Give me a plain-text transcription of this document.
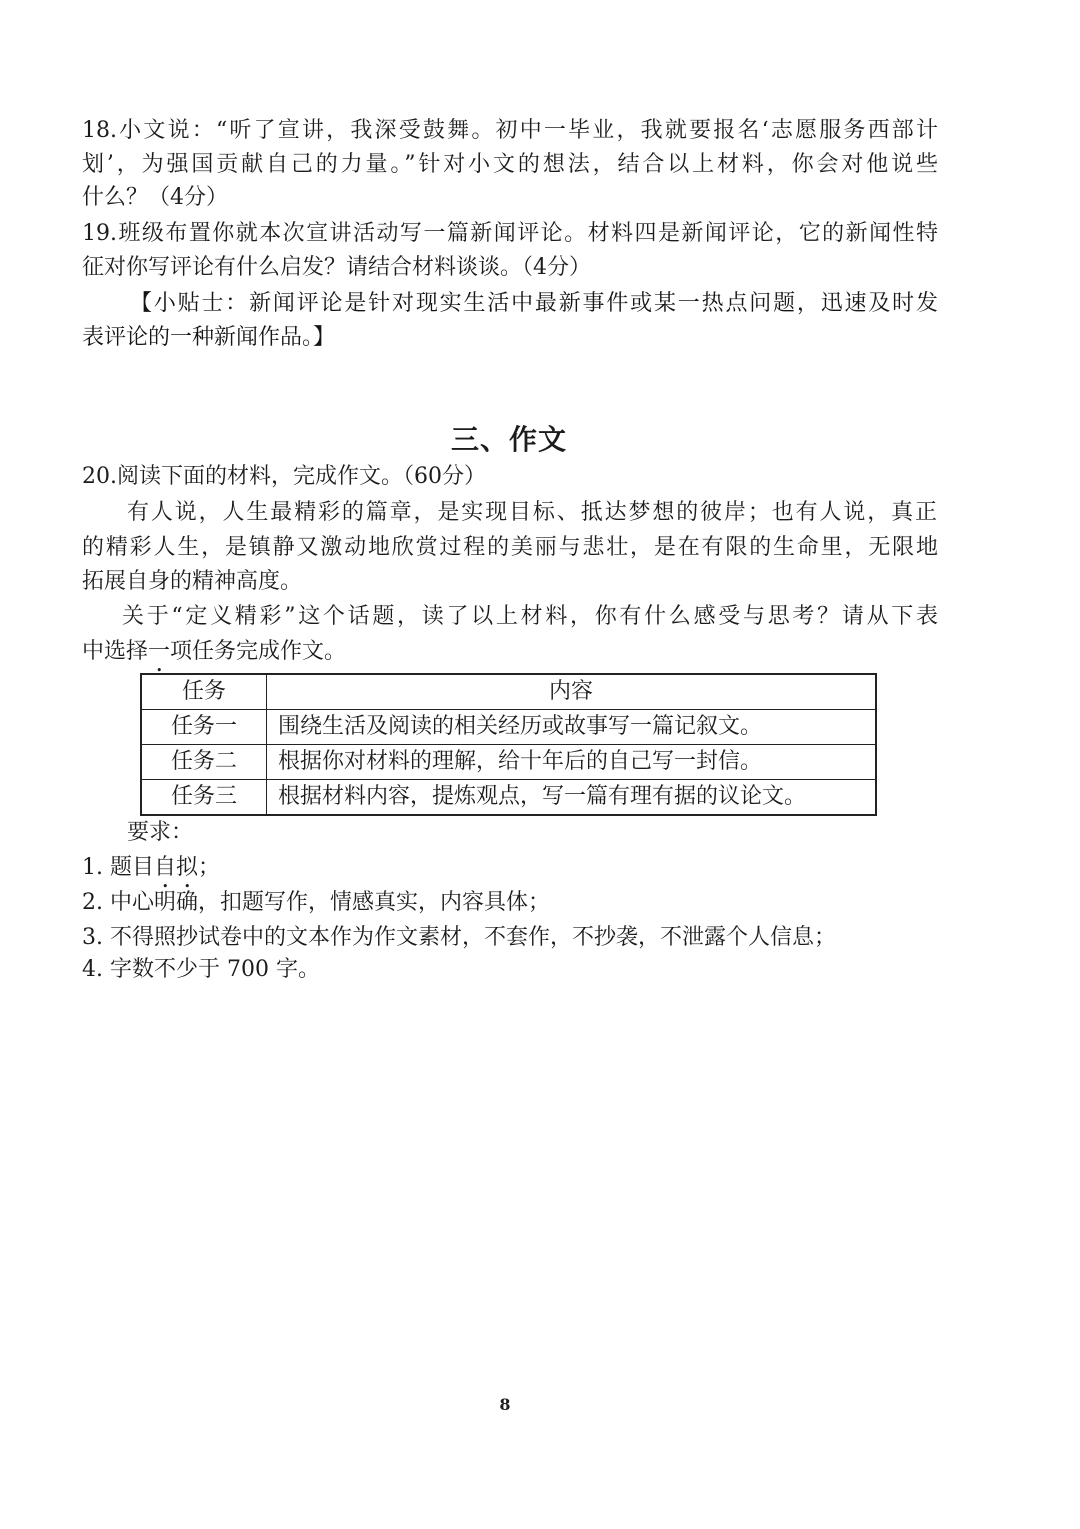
18.小文说：“听了宣讲，我深受鼓舞。初中一毕业，我就要报名‘志愿服务西部计
划’，为强国贡献自己的力量。”针对小文的想法，结合以上材料，你会对他说些
什么？（4分）
19.班级布置你就本次宣讲活动写一篇新闻评论。材料四是新闻评论，它的新闻性特
征对你写评论有什么启发？请结合材料谈谈。（4分）
【小贴士：新闻评论是针对现实生活中最新事件或某一热点问题，迅速及时发
表评论的一种新闻作品。】
三、作文
20.阅读下面的材料，完成作文。（60分）
有人说，人生最精彩的篇章，是实现目标、抵达梦想的彼岸；也有人说，真正
的精彩人生，是镇静又激动地欣赏过程的美丽与悲壮，是在有限的生命里，无限地
拓展自身的精神高度。
关于“定义精彩”这个话题，读了以上材料，你有什么感受与思考？请从下表
中选择一项任务完成作文。
任务	内容
任务一	围绕生活及阅读的相关经历或故事写一篇记叙文。
任务二	根据你对材料的理解，给十年后的自己写一封信。
任务三	根据材料内容，提炼观点，写一篇有理有据的议论文。
要求：
1. 题目自拟；
2. 中心明确，扣题写作，情感真实，内容具体；
3. 不得照抄试卷中的文本作为作文素材，不套作，不抄袭，不泄露个人信息；
4. 字数不少于 700 字。
8
